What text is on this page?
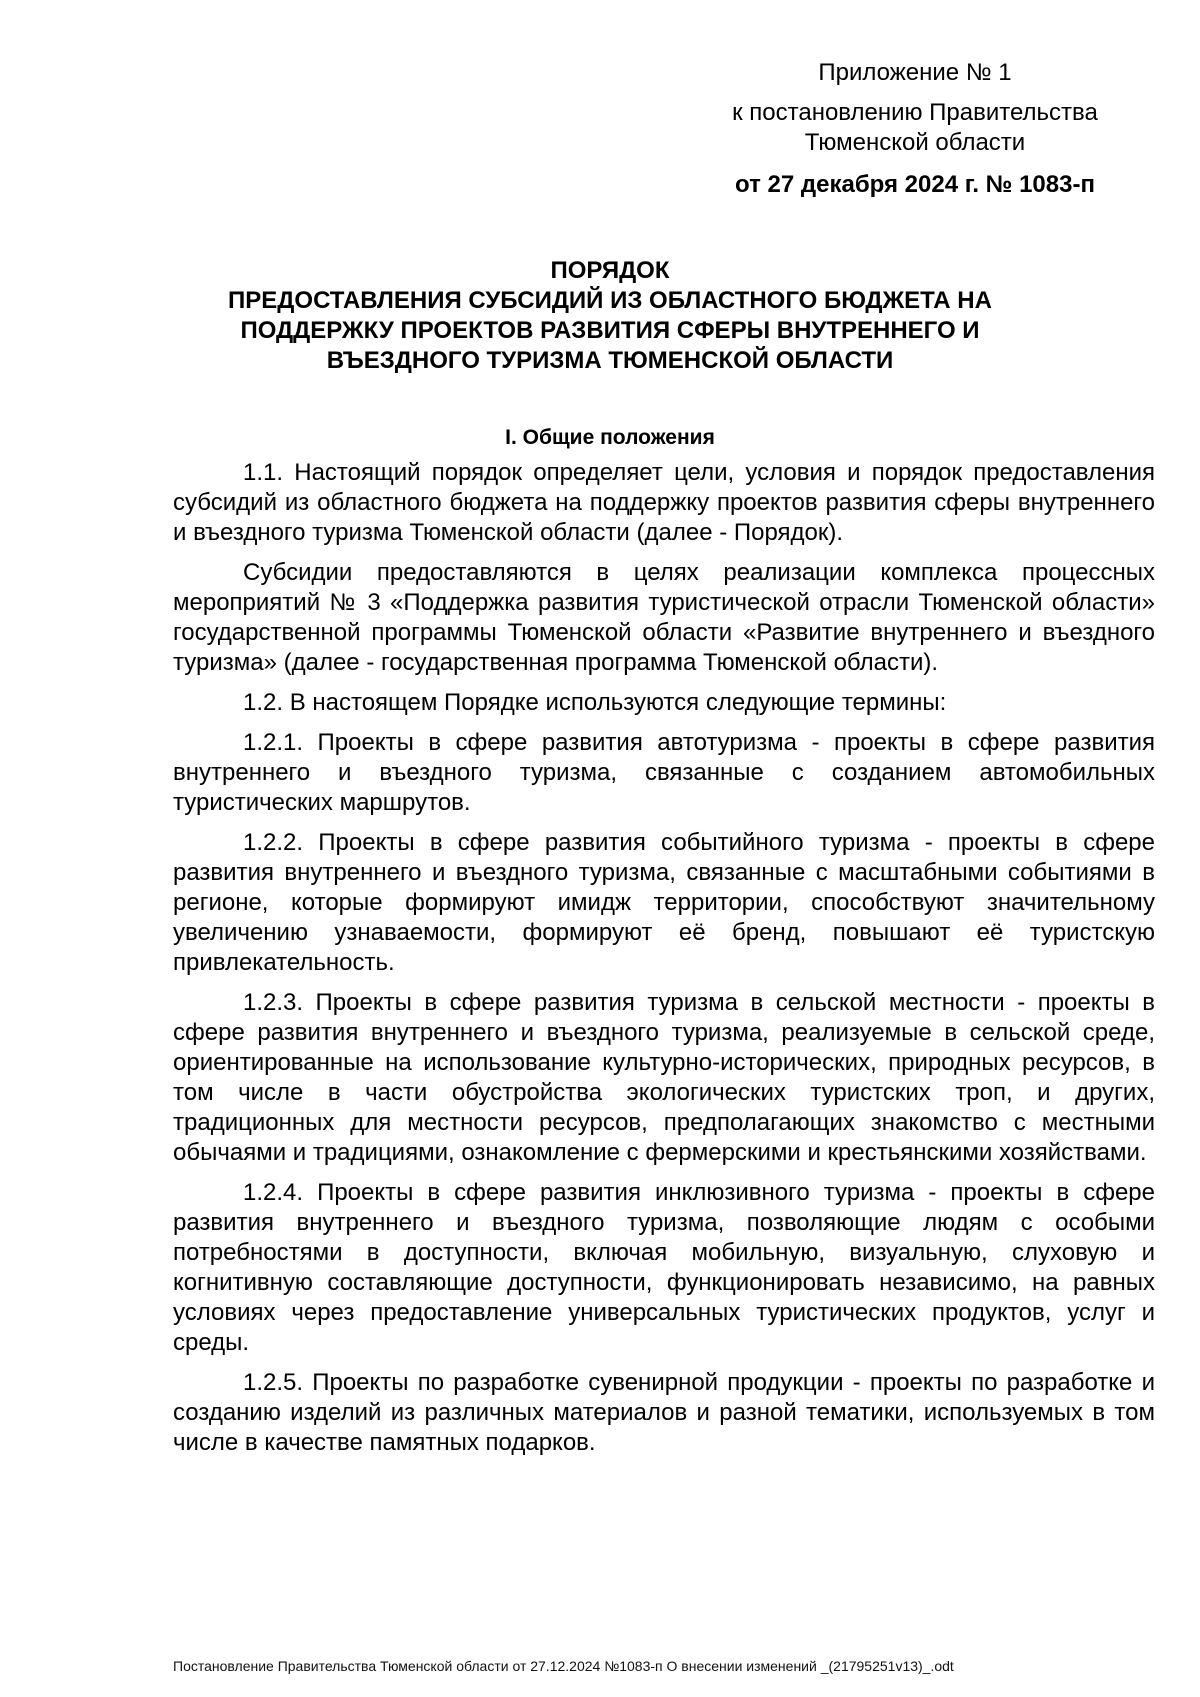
Приложение № 1
к постановлению Правительства Тюменской области
от 27 декабря 2024 г. № 1083-п
ПОРЯДОК
ПРЕДОСТАВЛЕНИЯ СУБСИДИЙ ИЗ ОБЛАСТНОГО БЮДЖЕТА НА
ПОДДЕРЖКУ ПРОЕКТОВ РАЗВИТИЯ СФЕРЫ ВНУТРЕННЕГО И
ВЪЕЗДНОГО ТУРИЗМА ТЮМЕНСКОЙ ОБЛАСТИ
I. Общие положения

1.1. Настоящий порядок определяет цели, условия и порядок предоставления субсидий из областного бюджета на поддержку проектов развития сферы внутреннего и въездного туризма Тюменской области (далее - Порядок).

Субсидии предоставляются в целях реализации комплекса процессных мероприятий № 3 «Поддержка развития туристической отрасли Тюменской области» государственной программы Тюменской области «Развитие внутреннего и въездного туризма» (далее - государственная программа Тюменской области).

1.2. В настоящем Порядке используются следующие термины:

1.2.1. Проекты в сфере развития автотуризма - проекты в сфере развития внутреннего и въездного туризма, связанные с созданием автомобильных туристических маршрутов.

1.2.2. Проекты в сфере развития событийного туризма - проекты в сфере развития внутреннего и въездного туризма, связанные с масштабными событиями в регионе, которые формируют имидж территории, способствуют значительному увеличению узнаваемости, формируют её бренд, повышают её туристскую привлекательность.

1.2.3. Проекты в сфере развития туризма в сельской местности - проекты в сфере развития внутреннего и въездного туризма, реализуемые в сельской среде, ориентированные на использование культурно-исторических, природных ресурсов, в том числе в части обустройства экологических туристских троп, и других, традиционных для местности ресурсов, предполагающих знакомство с местными обычаями и традициями, ознакомление с фермерскими и крестьянскими хозяйствами.

1.2.4. Проекты в сфере развития инклюзивного туризма - проекты в сфере развития внутреннего и въездного туризма, позволяющие людям с особыми потребностями в доступности, включая мобильную, визуальную, слуховую и когнитивную составляющие доступности, функционировать независимо, на равных условиях через предоставление универсальных туристических продуктов, услуг и среды.

1.2.5. Проекты по разработке сувенирной продукции - проекты по разработке и созданию изделий из различных материалов и разной тематики, используемых в том числе в качестве памятных подарков.

Постановление Правительства Тюменской области от 27.12.2024 №1083-п О внесении изменений _(21795251v13)_.odt
